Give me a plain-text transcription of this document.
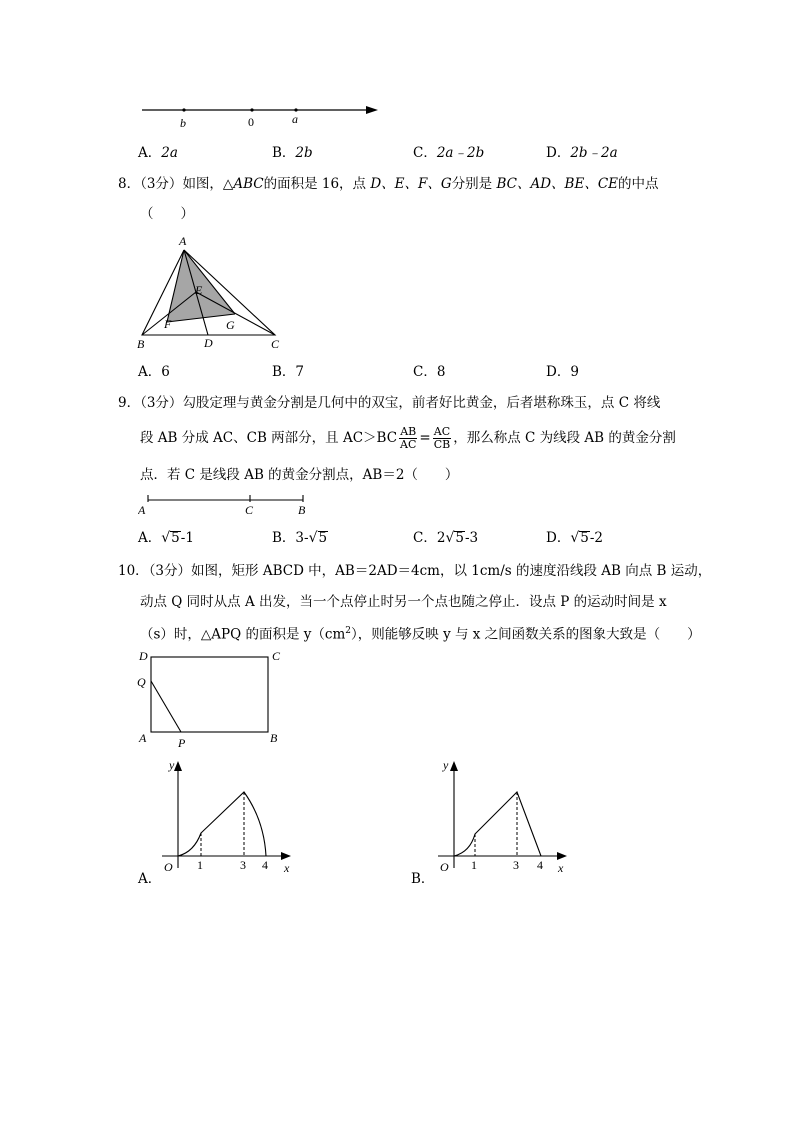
b	0	a
A．2a	B．2b	C．2a﹣2b	D．2b﹣2a
8．（3分）如图，△ABC的面积是 16，点 D、E、F、G分别是 BC、AD、BE、CE的中点
（　　）
A
E
F	G
B	D	C
A．6	B．7	C．8	D．9
9．（3分）勾股定理与黄金分割是几何中的双宝，前者好比黄金，后者堪称珠玉，点 C 将线
段 AB 分成 AC、CB 两部分，且 $AC>BC \frac{AB}{AC} = \frac{AC}{CB}$ ，那么称点 C 为线段 AB 的黄金分割
点．若 C 是线段 AB 的黄金分割点，AB＝2（　　）
A	C	B
A．√5-1	B．3-√5	C．2√5-3	D．√5-2
10．（3分）如图，矩形 ABCD 中，AB＝2AD＝4cm，以 1cm/s 的速度沿线段 AB 向点 B 运动，
动点 Q 同时从点 A 出发，当一个点停止时另一个点也随之停止．设点 P 的运动时间是 x
（s）时，△APQ 的面积是 $y(cm^2)$，则能够反映 y 与 x 之间函数关系的图象大致是（　　）
D	C
Q
A	P	B
A．
y
x
O 1	3 4
B．
y
x
O 1	3 4
